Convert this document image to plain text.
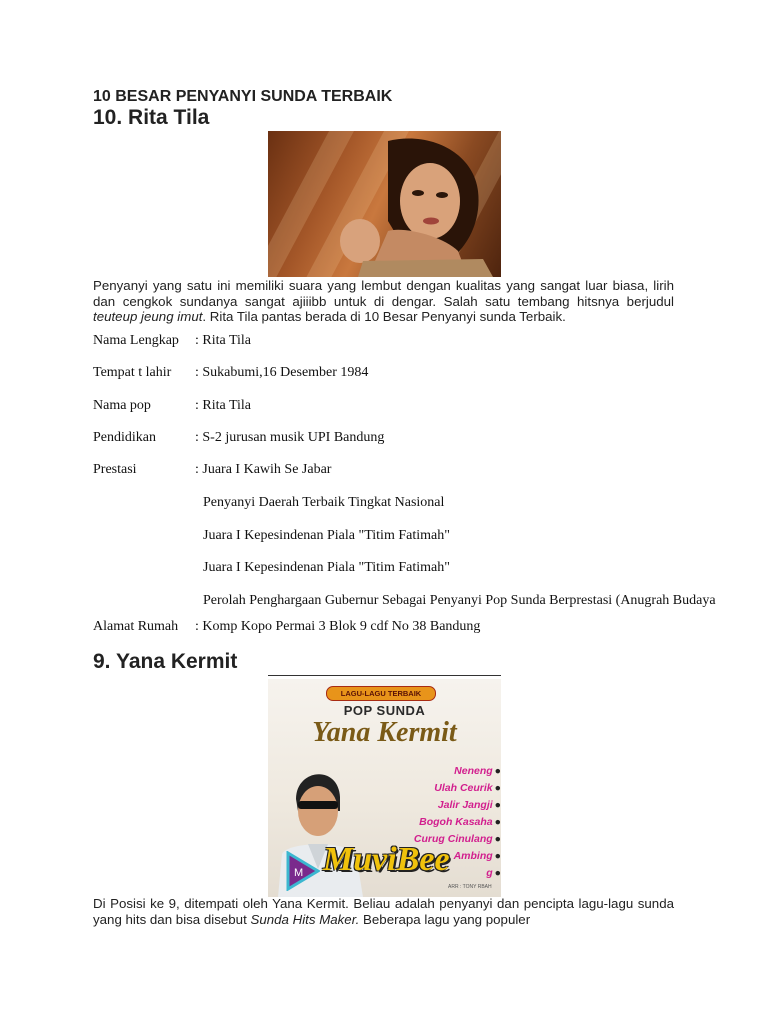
10 BESAR PENYANYI SUNDA TERBAIK
10. Rita Tila
Penyanyi yang satu ini memiliki suara yang lembut dengan kualitas yang sangat luar biasa, lirih dan cengkok sundanya sangat ajiiibb untuk di dengar. Salah satu tembang hitsnya berjudul teuteup jeung imut. Rita Tila pantas berada di 10 Besar Penyanyi sunda Terbaik.
Nama Lengkap : Rita Tila
Tempat t lahir : Sukabumi,16 Desember 1984
Nama pop	: Rita Tila
Pendidikan	: S-2 jurusan musik UPI Bandung
Prestasi	: Juara I Kawih Se Jabar
Penyanyi Daerah Terbaik Tingkat Nasional
Juara I Kepesindenan Piala "Titim Fatimah"
Juara I Kepesindenan Piala "Titim Fatimah"
Perolah Penghargaan Gubernur Sebagai Penyanyi Pop Sunda Berprestasi (Anugrah Budaya
Alamat Rumah : Komp Kopo Permai 3 Blok 9 cdf No 38 Bandung
9. Yana Kermit
LAGU-LAGU TERBAIK
POP SUNDA
Yana Kermit
Neneng ●
Ulah Ceurik ●
Jalir Jangji ●
Bogoh Kasaha ●
Curug Cinulang ●
Ambing ●
g ●
M MuviBee
ARR : TONY RBAH
Di Posisi ke 9, ditempati oleh Yana Kermit. Beliau adalah penyanyi dan pencipta lagu-lagu sunda yang hits dan bisa disebut Sunda Hits Maker. Beberapa lagu yang populer
